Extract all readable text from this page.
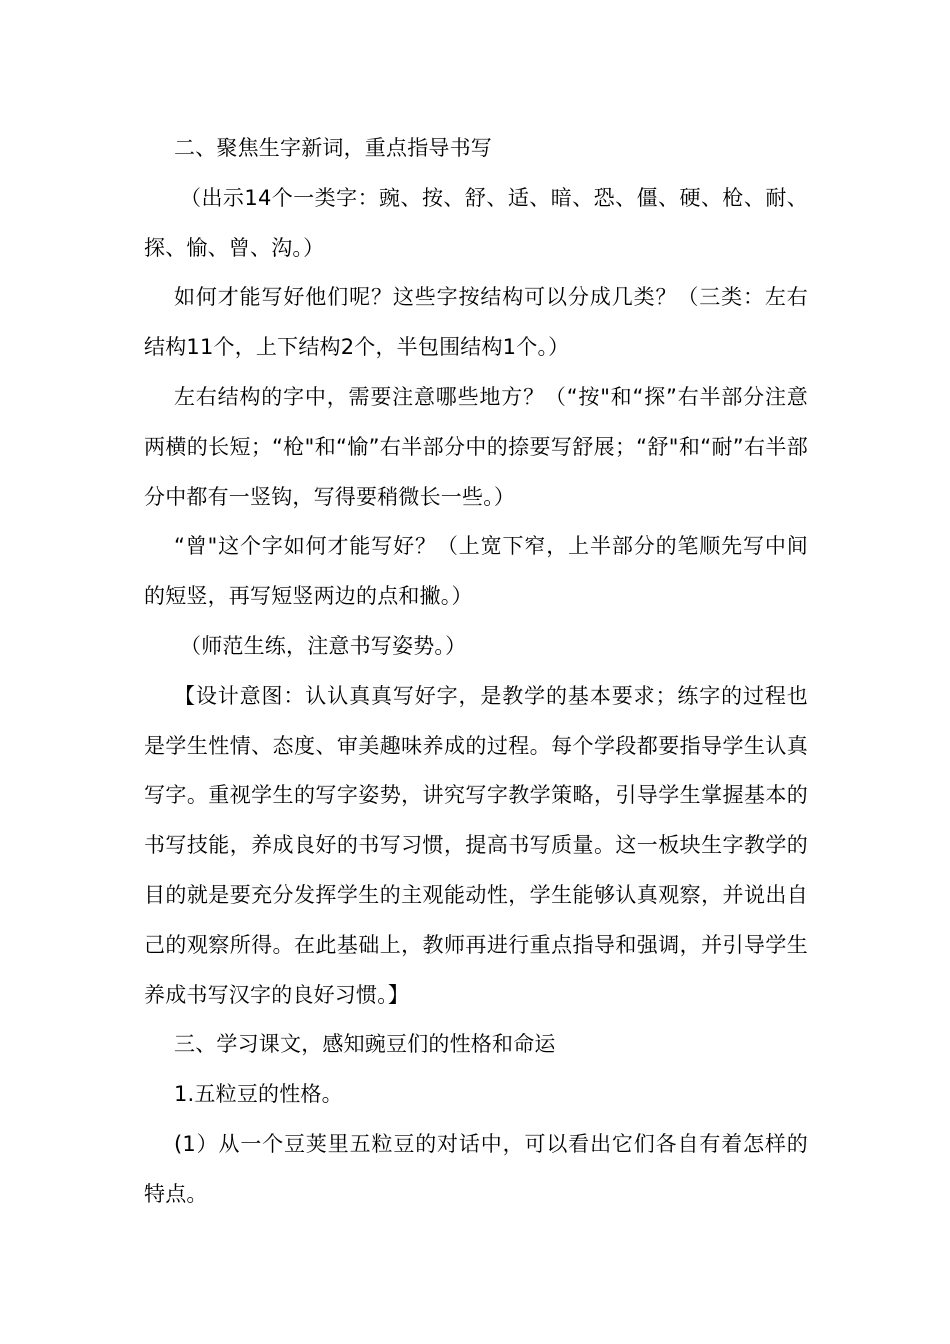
二、聚焦生字新词，重点指导书写

（出示14个一类字：豌、按、舒、适、暗、恐、僵、硬、枪、耐、探、愉、曾、沟。）

如何才能写好他们呢？这些字按结构可以分成几类？（三类：左右结构11个，上下结构2个，半包围结构1个。）

左右结构的字中，需要注意哪些地方？（“按"和“探”右半部分注意两横的长短；“枪"和“愉”右半部分中的捺要写舒展；“舒"和“耐”右半部分中都有一竖钩，写得要稍微长一些。）

“曾"这个字如何才能写好？（上宽下窄，上半部分的笔顺先写中间的短竖，再写短竖两边的点和撇。）

（师范生练，注意书写姿势。）

【设计意图：认认真真写好字，是教学的基本要求；练字的过程也是学生性情、态度、审美趣味养成的过程。每个学段都要指导学生认真写字。重视学生的写字姿势，讲究写字教学策略，引导学生掌握基本的书写技能，养成良好的书写习惯，提高书写质量。这一板块生字教学的目的就是要充分发挥学生的主观能动性，学生能够认真观察，并说出自己的观察所得。在此基础上，教师再进行重点指导和强调，并引导学生养成书写汉字的良好习惯。】

三、学习课文，感知豌豆们的性格和命运

1.五粒豆的性格。

(1）从一个豆荚里五粒豆的对话中，可以看出它们各自有着怎样的特点。
